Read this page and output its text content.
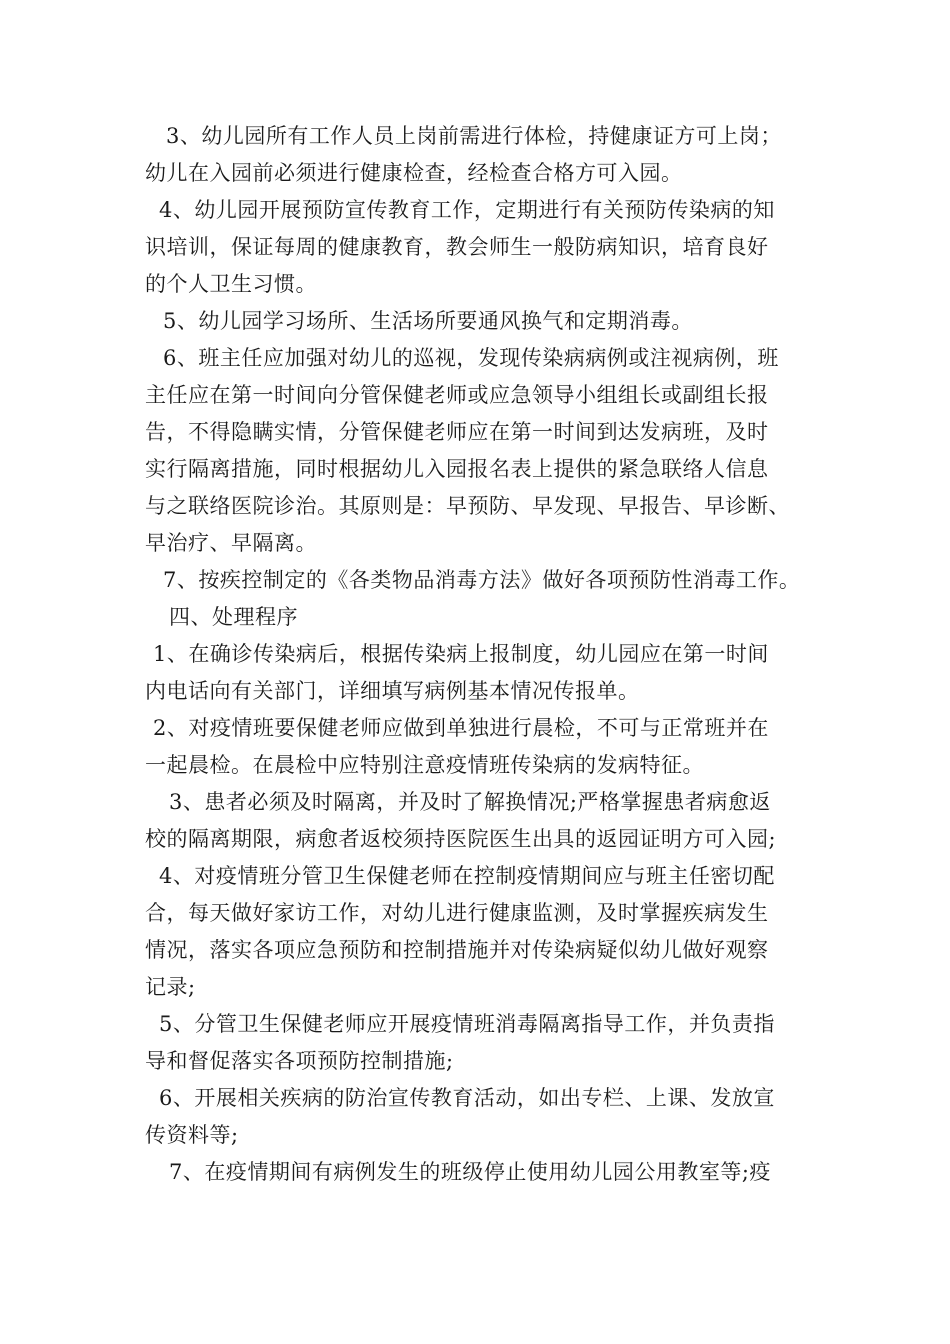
3、幼儿园所有工作人员上岗前需进行体检，持健康证方可上岗；
幼儿在入园前必须进行健康检查，经检查合格方可入园。
4、幼儿园开展预防宣传教育工作，定期进行有关预防传染病的知
识培训，保证每周的健康教育，教会师生一般防病知识，培育良好
的个人卫生习惯。
5、幼儿园学习场所、生活场所要通风换气和定期消毒。
6、班主任应加强对幼儿的巡视，发现传染病病例或注视病例，班
主任应在第一时间向分管保健老师或应急领导小组组长或副组长报
告，不得隐瞒实情，分管保健老师应在第一时间到达发病班，及时
实行隔离措施，同时根据幼儿入园报名表上提供的紧急联络人信息
与之联络医院诊治。其原则是：早预防、早发现、早报告、早诊断、
早治疗、早隔离。
7、按疾控制定的《各类物品消毒方法》做好各项预防性消毒工作。
四、处理程序
1、在确诊传染病后，根据传染病上报制度，幼儿园应在第一时间
内电话向有关部门，详细填写病例基本情况传报单。
2、对疫情班要保健老师应做到单独进行晨检，不可与正常班并在
一起晨检。在晨检中应特别注意疫情班传染病的发病特征。
3、患者必须及时隔离，并及时了解换情况;严格掌握患者病愈返
校的隔离期限，病愈者返校须持医院医生出具的返园证明方可入园;
4、对疫情班分管卫生保健老师在控制疫情期间应与班主任密切配
合，每天做好家访工作，对幼儿进行健康监测，及时掌握疾病发生
情况，落实各项应急预防和控制措施并对传染病疑似幼儿做好观察
记录;
5、分管卫生保健老师应开展疫情班消毒隔离指导工作，并负责指
导和督促落实各项预防控制措施;
6、开展相关疾病的防治宣传教育活动，如出专栏、上课、发放宣
传资料等;
7、在疫情期间有病例发生的班级停止使用幼儿园公用教室等;疫
